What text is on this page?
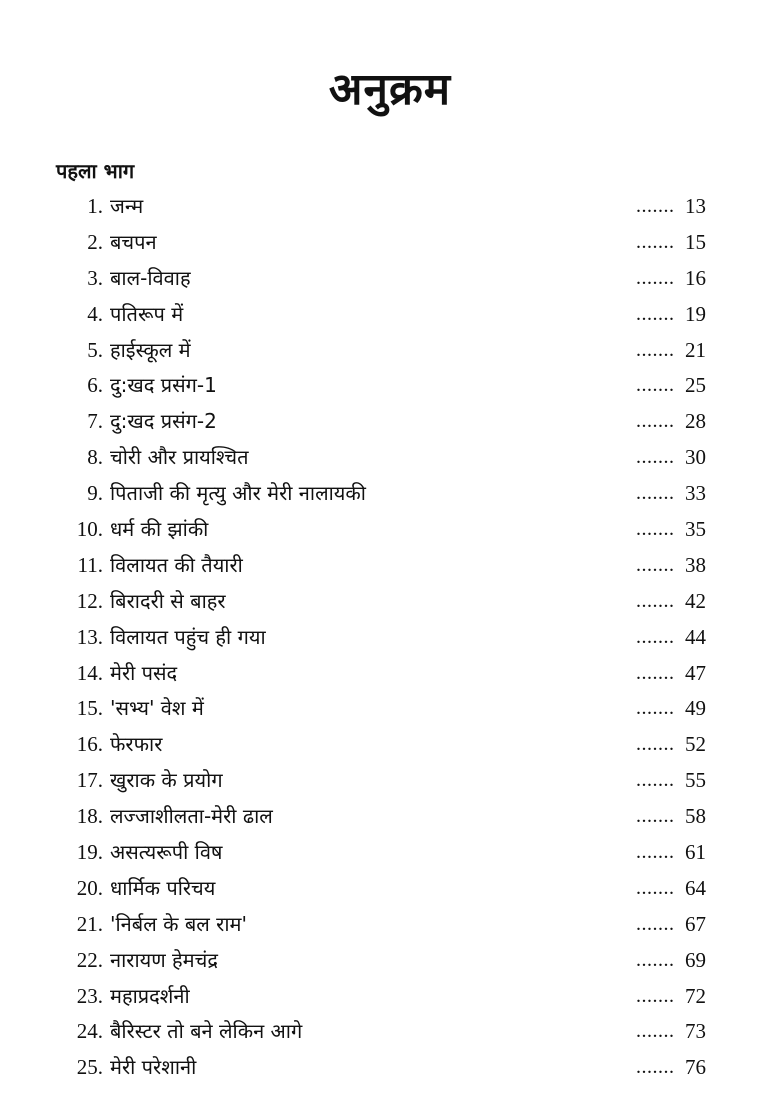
अनुक्रम
पहला भाग
1. जन्म	....... 13
2. बचपन	....... 15
3. बाल-विवाह	....... 16
4. पतिरूप में	....... 19
5. हाईस्कूल में	....... 21
6. दु:खद प्रसंग-1	....... 25
7. दु:खद प्रसंग-2	....... 28
8. चोरी और प्रायश्चित	....... 30
9. पिताजी की मृत्यु और मेरी नालायकी	....... 33
10. धर्म की झांकी	....... 35
11. विलायत की तैयारी	....... 38
12. बिरादरी से बाहर	....... 42
13. विलायत पहुंच ही गया	....... 44
14. मेरी पसंद	....... 47
15. 'सभ्य' वेश में	....... 49
16. फेरफार	....... 52
17. खुराक के प्रयोग	....... 55
18. लज्जाशीलता-मेरी ढाल	....... 58
19. असत्यरूपी विष	....... 61
20. धार्मिक परिचय	....... 64
21. 'निर्बल के बल राम'	....... 67
22. नारायण हेमचंद्र	....... 69
23. महाप्रदर्शनी	....... 72
24. बैरिस्टर तो बने लेकिन आगे	....... 73
25. मेरी परेशानी	....... 76
